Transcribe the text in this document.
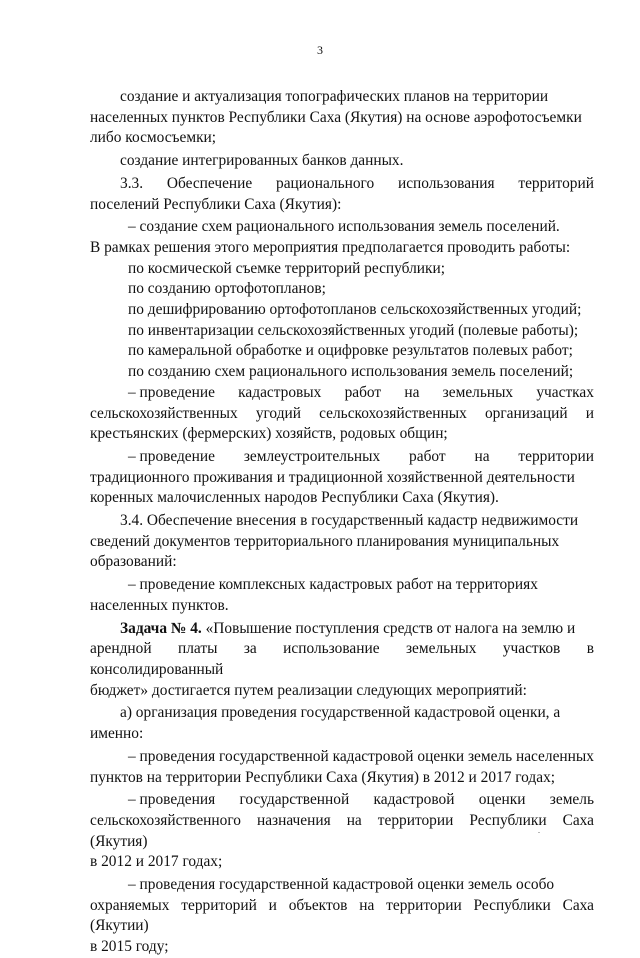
3
создание и актуализация топографических планов на территории
населенных пунктов Республики Саха (Якутия) на основе аэрофотосъемки
либо космосъемки;
создание интегрированных банков данных.
3.3. Обеспечение рационального использования территорий
поселений Республики Саха (Якутия):
– создание схем рационального использования земель поселений.
В рамках решения этого мероприятия предполагается проводить работы:
по космической съемке территорий республики;
по созданию ортофотопланов;
по дешифрированию ортофотопланов сельскохозяйственных угодий;
по инвентаризации сельскохозяйственных угодий (полевые работы);
по камеральной обработке и оцифровке результатов полевых работ;
по созданию схем рационального использования земель поселений;
– проведение кадастровых работ на земельных участках
сельскохозяйственных угодий сельскохозяйственных организаций и
крестьянских (фермерских) хозяйств, родовых общин;
– проведение землеустроительных работ на территории
традиционного проживания и традиционной хозяйственной деятельности
коренных малочисленных народов Республики Саха (Якутия).
3.4. Обеспечение внесения в государственный кадастр недвижимости
сведений документов территориального планирования муниципальных
образований:
– проведение комплексных кадастровых работ на территориях
населенных пунктов.
Задача № 4. «Повышение поступления средств от налога на землю и
арендной платы за использование земельных участков в консолидированный
бюджет» достигается путем реализации следующих мероприятий:
а) организация проведения государственной кадастровой оценки, а
именно:
– проведения государственной кадастровой оценки земель населенных
пунктов на территории Республики Саха (Якутия) в 2012 и 2017 годах;
– проведения государственной кадастровой оценки земель
сельскохозяйственного назначения на территории Республики Саха (Якутия)
в 2012 и 2017 годах;
– проведения государственной кадастровой оценки земель особо
охраняемых территорий и объектов на территории Республики Саха (Якутии)
в 2015 году;
